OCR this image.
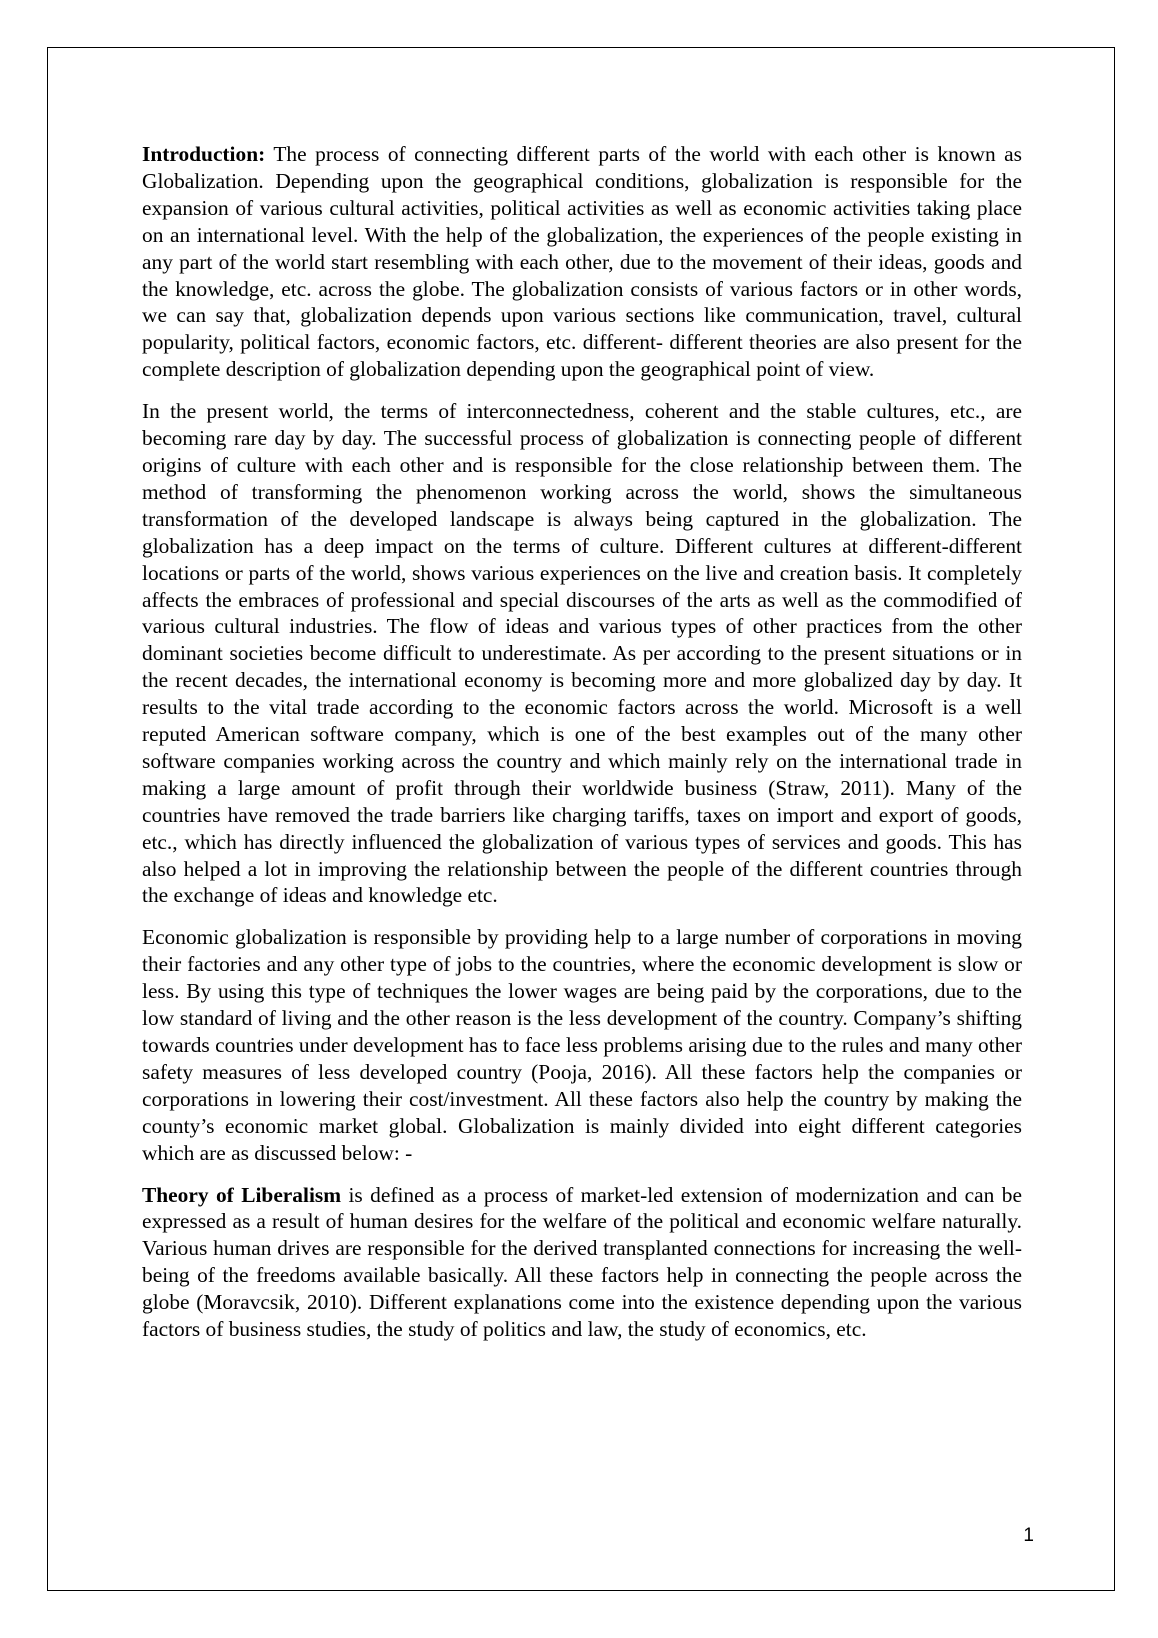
Introduction: The process of connecting different parts of the world with each other is known as Globalization. Depending upon the geographical conditions, globalization is responsible for the expansion of various cultural activities, political activities as well as economic activities taking place on an international level. With the help of the globalization, the experiences of the people existing in any part of the world start resembling with each other, due to the movement of their ideas, goods and the knowledge, etc. across the globe. The globalization consists of various factors or in other words, we can say that, globalization depends upon various sections like communication, travel, cultural popularity, political factors, economic factors, etc. different- different theories are also present for the complete description of globalization depending upon the geographical point of view.

In the present world, the terms of interconnectedness, coherent and the stable cultures, etc., are becoming rare day by day. The successful process of globalization is connecting people of different origins of culture with each other and is responsible for the close relationship between them. The method of transforming the phenomenon working across the world, shows the simultaneous transformation of the developed landscape is always being captured in the globalization. The globalization has a deep impact on the terms of culture. Different cultures at different-different locations or parts of the world, shows various experiences on the live and creation basis. It completely affects the embraces of professional and special discourses of the arts as well as the commodified of various cultural industries. The flow of ideas and various types of other practices from the other dominant societies become difficult to underestimate. As per according to the present situations or in the recent decades, the international economy is becoming more and more globalized day by day. It results to the vital trade according to the economic factors across the world. Microsoft is a well reputed American software company, which is one of the best examples out of the many other software companies working across the country and which mainly rely on the international trade in making a large amount of profit through their worldwide business (Straw, 2011). Many of the countries have removed the trade barriers like charging tariffs, taxes on import and export of goods, etc., which has directly influenced the globalization of various types of services and goods. This has also helped a lot in improving the relationship between the people of the different countries through the exchange of ideas and knowledge etc.

Economic globalization is responsible by providing help to a large number of corporations in moving their factories and any other type of jobs to the countries, where the economic development is slow or less. By using this type of techniques the lower wages are being paid by the corporations, due to the low standard of living and the other reason is the less development of the country. Company’s shifting towards countries under development has to face less problems arising due to the rules and many other safety measures of less developed country (Pooja, 2016). All these factors help the companies or corporations in lowering their cost/investment. All these factors also help the country by making the county’s economic market global. Globalization is mainly divided into eight different categories which are as discussed below: -

Theory of Liberalism is defined as a process of market-led extension of modernization and can be expressed as a result of human desires for the welfare of the political and economic welfare naturally. Various human drives are responsible for the derived transplanted connections for increasing the well-being of the freedoms available basically. All these factors help in connecting the people across the globe (Moravcsik, 2010). Different explanations come into the existence depending upon the various factors of business studies, the study of politics and law, the study of economics, etc.

1
